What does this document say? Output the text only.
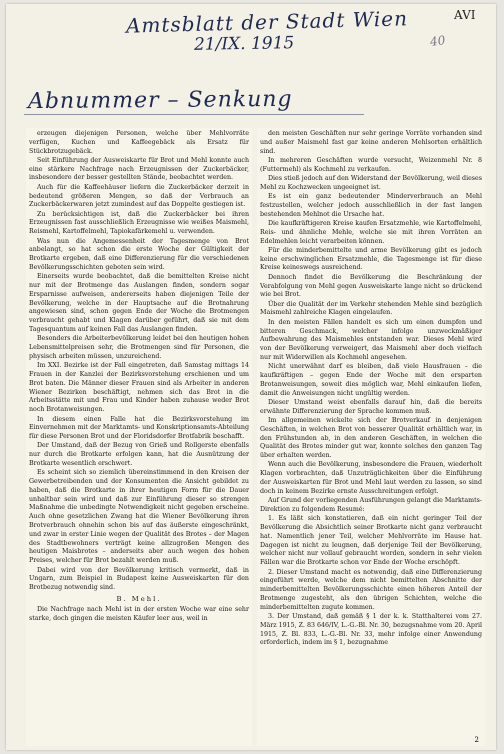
Amtsblatt der Stadt Wien
21/IX. 1915
AVI
40
Abnummer – Senkung

erzeugen diejenigen Personen, welche über Mehlvorräte verfügen, Kuchen und Kaffeegebäck als Ersatz für Stückbrotzugebäck.

Seit Einführung der Ausweiskarte für Brot und Mehl konnte auch eine stärkere Nachfrage nach Erzeugnissen der Zuckerbäcker, insbesondere der besser gestellten Stände, beobachtet werden.

Auch für die Kaffeehäuser liefern die Zuckerbäcker derzeit in bedeutend größeren Mengen, so daß der Verbrauch an Zuckerbäckerwaren jetzt zumindest auf das Doppelte gestiegen ist.

Zu berücksichtigen ist, daß die Zuckerbäcker bei ihren Erzeugnissen fast ausschließlich Erzeugnisse wie weißes Maismehl, Reismehl, Kartoffelmehl, Tapiokafärkemehl u. verwenden.

Was nun die Angemessenheit der Tagesmenge von Brot anbelangt, so hat schon die erste Woche der Gültigkeit der Brotkarte ergeben, daß eine Differenzierung für die verschiedenen Bevölkerungsschichten geboten sein wird.

Einerseits wurde beobachtet, daß die bemittelten Kreise nicht nur mit der Brotmenge das Auslangen finden, sondern sogar Ersparnisse aufweisen, andererseits haben diejenigen Teile der Bevölkerung, welche in der Hauptsache auf die Brotnahrung angewiesen sind, schon gegen Ende der Woche die Brotmengen verbraucht gehabt und Klagen darüber geführt, daß sie mit dem Tagesquantum auf keinen Fall das Auslangen finden.

Besonders die Arbeiterbevölkerung leidet bei den heutigen hohen Lebensmittelpreisen sehr, die Brotmengen sind für Personen, die physisch arbeiten müssen, unzureichend.

Im XXI. Bezirke ist der Fall eingetreten, daß Samstag mittags 14 Frauen in der Kanzlei der Bezirksvorstehung erschienen und um Brot baten. Die Männer dieser Frauen sind als Arbeiter in anderen Wiener Bezirken beschäftigt, nehmen sich das Brot in die Arbeitsstätte mit und Frau und Kinder haben zuhause weder Brot noch Brotanweisungen.

In diesem einen Falle hat die Bezirksvorstehung im Einvernehmen mit der Marktamts- und Konskriptionsamts-Abteilung für diese Personen Brot und der Floridsdorfer Brotfabrik beschafft.

Der Umstand, daß der Bezug von Grieß und Rollgerste ebenfalls nur durch die Brotkarte erfolgen kann, hat die Ausnützung der Brotkarte wesentlich erschwert.

Es scheint sich so ziemlich übereinstimmend in den Kreisen der Gewerbetreibenden und der Konsumenten die Ansicht gebildet zu haben, daß die Brotkarte in ihrer heutigen Form für die Dauer unhaltbar sein wird und daß zur Einführung dieser so strengen Maßnahme die unbedingte Notwendigkeit nicht gegeben erscheine. Auch ohne gesetzlichen Zwang hat die Wiener Bevölkerung ihren Brotverbrauch ohnehin schon bis auf das äußerste eingeschränkt, und zwar in erster Linie wegen der Qualität des Brotes – der Magen des Stadtbewohners verträgt keine allzugroßen Mengen des heutigen Maisbrotes – anderseits aber auch wegen des hohen Preises, welcher für Brot bezahlt werden muß.

Dabei wird von der Bevölkerung kritisch vermerkt, daß in Ungarn, zum Beispiel in Budapest keine Ausweiskarten für den Brotbezug notwendig sind.

B. Mehl.

Die Nachfrage nach Mehl ist in der ersten Woche war eine sehr starke, doch gingen die meisten Käufer leer aus, weil in

den meisten Geschäften nur sehr geringe Vorräte vorhanden sind und außer Maismehl fast gar keine anderen Mehlsorten erhältlich sind.

In mehreren Geschäften wurde versucht, Weizenmehl Nr. 8 (Futtermehl) als Kochmehl zu verkaufen.

Dies stieß jedoch auf den Widerstand der Bevölkerung, weil dieses Mehl zu Kochzwecken ungeeignet ist.

Es ist ein ganz bedeutender Minderverbrauch an Mehl festzustellen, welcher jedoch ausschließlich in der fast langen bestehenden Mehlnot die Ursache hat.

Die kaufkräftigeren Kreise kaufen Ersatzmehle, wie Kartoffelmehl, Reis- und ähnliche Mehle, welche sie mit ihren Vorräten an Edelmehlen leicht verarbeiten können.

Für die minderbemittelte und arme Bevölkerung gibt es jedoch keine erschwinglichen Ersatzmehle, die Tagesmenge ist für diese Kreise keineswegs ausreichend.

Dennoch findet die Bevölkerung die Beschränkung der Verabfolgung von Mehl gegen Ausweiskarte lange nicht so drückend wie bei Brot.

Über die Qualität der im Verkehr stehenden Mehle sind bezüglich Maismehl zahlreiche Klagen eingelaufen.

In den meisten Fällen handelt es sich um einen dumpfen und bitteren Geschmack, welcher infolge unzweckmäßiger Aufbewahrung des Maismehles entstanden war. Dieses Mehl wird von der Bevölkerung verweigert, das Maismehl aber doch vielfach nur mit Widerwillen als Kochmehl angesehen.

Nicht unerwähnt darf es bleiben, daß viele Hausfrauen – die kaufkräftigen – gegen Ende der Woche mit den ersparten Brotanweisungen, soweit dies möglich war, Mehl einkaufen liefen, damit die Anweisungen nicht ungültig werden.

Dieser Umstand weist ebenfalls darauf hin, daß die bereits erwähnte Differenzierung der Sprache kommen muß.

Im allgemeinen wickelte sich der Brotverkauf in denjenigen Geschäften, in welchen Brot von besserer Qualität erhältlich war, in den Frühstunden ab, in den anderen Geschäften, in welchen die Qualität des Brotes minder gut war, konnte solches den ganzen Tag über erhalten werden.

Wenn auch die Bevölkerung, insbesondere die Frauen, wiederholt Klagen vorbrachten, daß Unzuträglichkeiten über die Einführung der Ausweiskarten für Brot und Mehl laut werden zu lassen, so sind doch in keinem Bezirke ernste Ausschreitungen erfolgt.

Auf Grund der vorliegenden Ausführungen gelangt die Marktamts-Direktion zu folgendem Resumé:

1. Es läßt sich konstatieren, daß ein nicht geringer Teil der Bevölkerung die Absichtlich seiner Brotkarte nicht ganz verbraucht hat. Namentlich jener Teil, welcher Mehlvorräte im Hause hat. Dagegen ist nicht zu leugnen, daß derjenige Teil der Bevölkerung, welcher nicht nur vollauf gebraucht worden, sondern in sehr vielen Fällen war die Brotkarte schon vor Ende der Woche erschöpft.

2. Dieser Umstand macht es notwendig, daß eine Differenzierung eingeführt werde, welche dem nicht bemittelten Abschnitte der minderbemittelten Bevölkerungsschichte einen höheren Anteil der Brotmenge zugesteht, als den übrigen Schichten, welche die minderbemittelten zugute kommen.

3. Der Umstand, daß gemäß § 1 der k. k. Statthalterei vom 27. März 1915, Z. 83 646/IV, L.-G.-Bl. Nr. 30, bezugsnahme vom 20. April 1915, Z. Bl. 833, L.-G.-Bl. Nr. 33, mehr infolge einer Anwendung erforderlich, indem im § 1, bezugnahme

2
